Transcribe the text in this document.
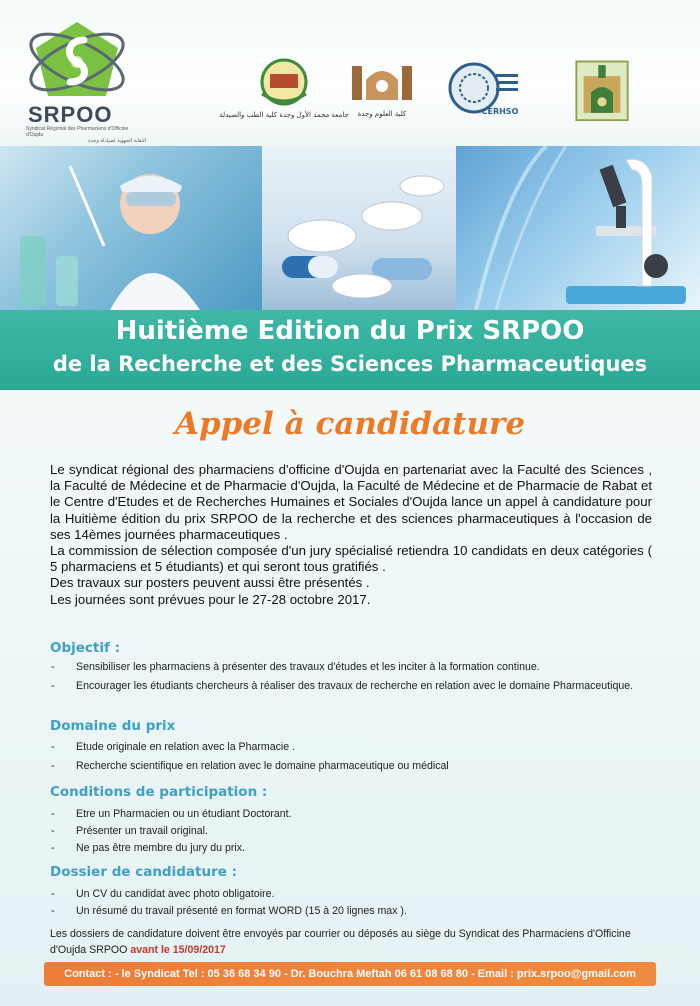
SRPOO
Syndicat Régional des Pharmaciens d'Officine d'Oujda
النقابة الجهوية لصيادلة وجدة
جامعة محمد الأول وجدة كلية الطب والصيدلة كلية العلوم وجدة	CERHSO
Huitième Edition du Prix SRPOO
de la Recherche et des Sciences Pharmaceutiques
Appel à candidature

Le syndicat régional des pharmaciens d'officine d'Oujda en partenariat avec la Faculté des Sciences , la Faculté de Médecine et de Pharmacie d'Oujda, la Faculté de Médecine et de Pharmacie de Rabat et le Centre d'Etudes et de Recherches Humaines et Sociales d'Oujda lance un appel à candidature pour la Huitième édition du prix SRPOO de la recherche et des sciences pharmaceutiques à l'occasion de ses 14èmes journées pharmaceutiques .

La commission de sélection composée d'un jury spécialisé retiendra 10 candidats en deux catégories ( 5 pharmaciens et 5 étudiants) et qui seront tous gratifiés .

Des travaux sur posters peuvent aussi être présentés .

Les journées sont prévues pour le 27-28 octobre 2017.

Objectif :
- Sensibiliser les pharmaciens à présenter des travaux d'études et les inciter à la formation continue.
- Encourager les étudiants chercheurs à réaliser des travaux de recherche en relation avec le domaine Pharmaceutique.
Domaine du prix
- Etude originale en relation avec la Pharmacie .
- Recherche scientifique en relation avec le domaine pharmaceutique ou médical
Conditions de participation :
- Etre un Pharmacien ou un étudiant Doctorant.
- Présenter un travail original.
- Ne pas être membre du jury du prix.
Dossier de candidature :
- Un CV du candidat avec photo obligatoire.
- Un résumé du travail présenté en format WORD (15 à 20 lignes max ).
Les dossiers de candidature doivent être envoyés par courrier ou déposés au siège du Syndicat des Pharmaciens d'Officine d'Oujda SRPOO avant le 15/09/2017
Contact : - le Syndicat Tel : 05 36 68 34 90 - Dr. Bouchra Meftah 06 61 08 68 80 - Email : prix.srpoo@gmail.com
